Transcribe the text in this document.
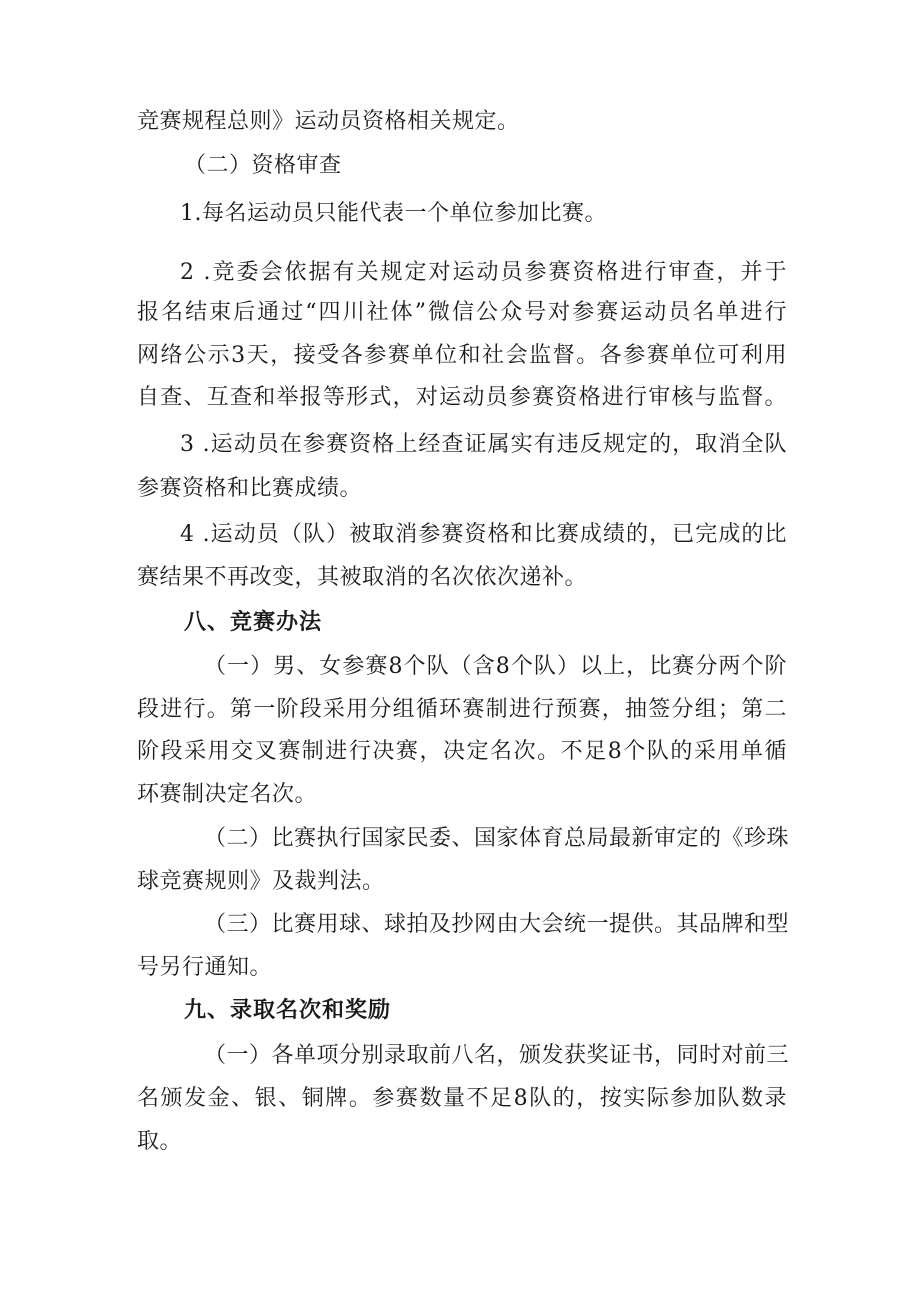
竞赛规程总则》运动员资格相关规定。
（二）资格审查
1.每名运动员只能代表一个单位参加比赛。
2 .竞委会依据有关规定对运动员参赛资格进行审查，并于
报名结束后通过“四川社体”微信公众号对参赛运动员名单进行
网络公示3天，接受各参赛单位和社会监督。各参赛单位可利用
自查、互查和举报等形式，对运动员参赛资格进行审核与监督。
3 .运动员在参赛资格上经查证属实有违反规定的，取消全队
参赛资格和比赛成绩。
4 .运动员（队）被取消参赛资格和比赛成绩的，已完成的比
赛结果不再改变，其被取消的名次依次递补。
八、竞赛办法
（一）男、女参赛8个队（含8个队）以上，比赛分两个阶
段进行。第一阶段采用分组循环赛制进行预赛，抽签分组；第二
阶段采用交叉赛制进行决赛，决定名次。不足8个队的采用单循
环赛制决定名次。
（二）比赛执行国家民委、国家体育总局最新审定的《珍珠
球竞赛规则》及裁判法。
（三）比赛用球、球拍及抄网由大会统一提供。其品牌和型
号另行通知。
九、录取名次和奖励
（一）各单项分别录取前八名，颁发获奖证书，同时对前三
名颁发金、银、铜牌。参赛数量不足8队的，按实际参加队数录
取。
